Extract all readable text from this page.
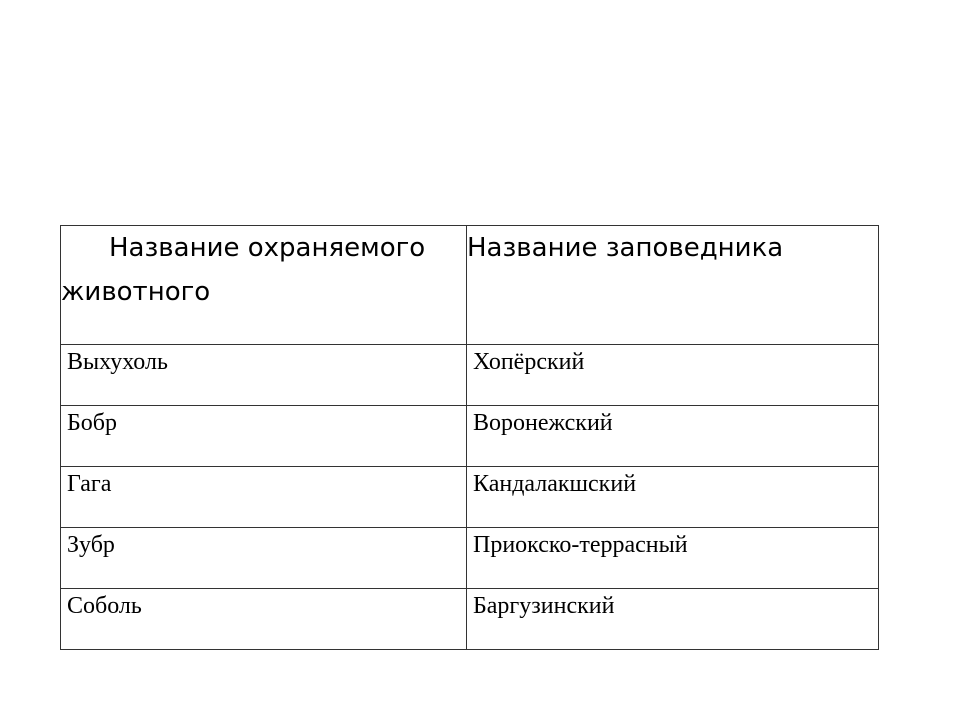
Название охраняемого животного	Название заповедника
Выхухоль	Хопёрский
Бобр	Воронежский
Гага	Кандалакшский
Зубр	Приокско-террасный
Соболь	Баргузинский
